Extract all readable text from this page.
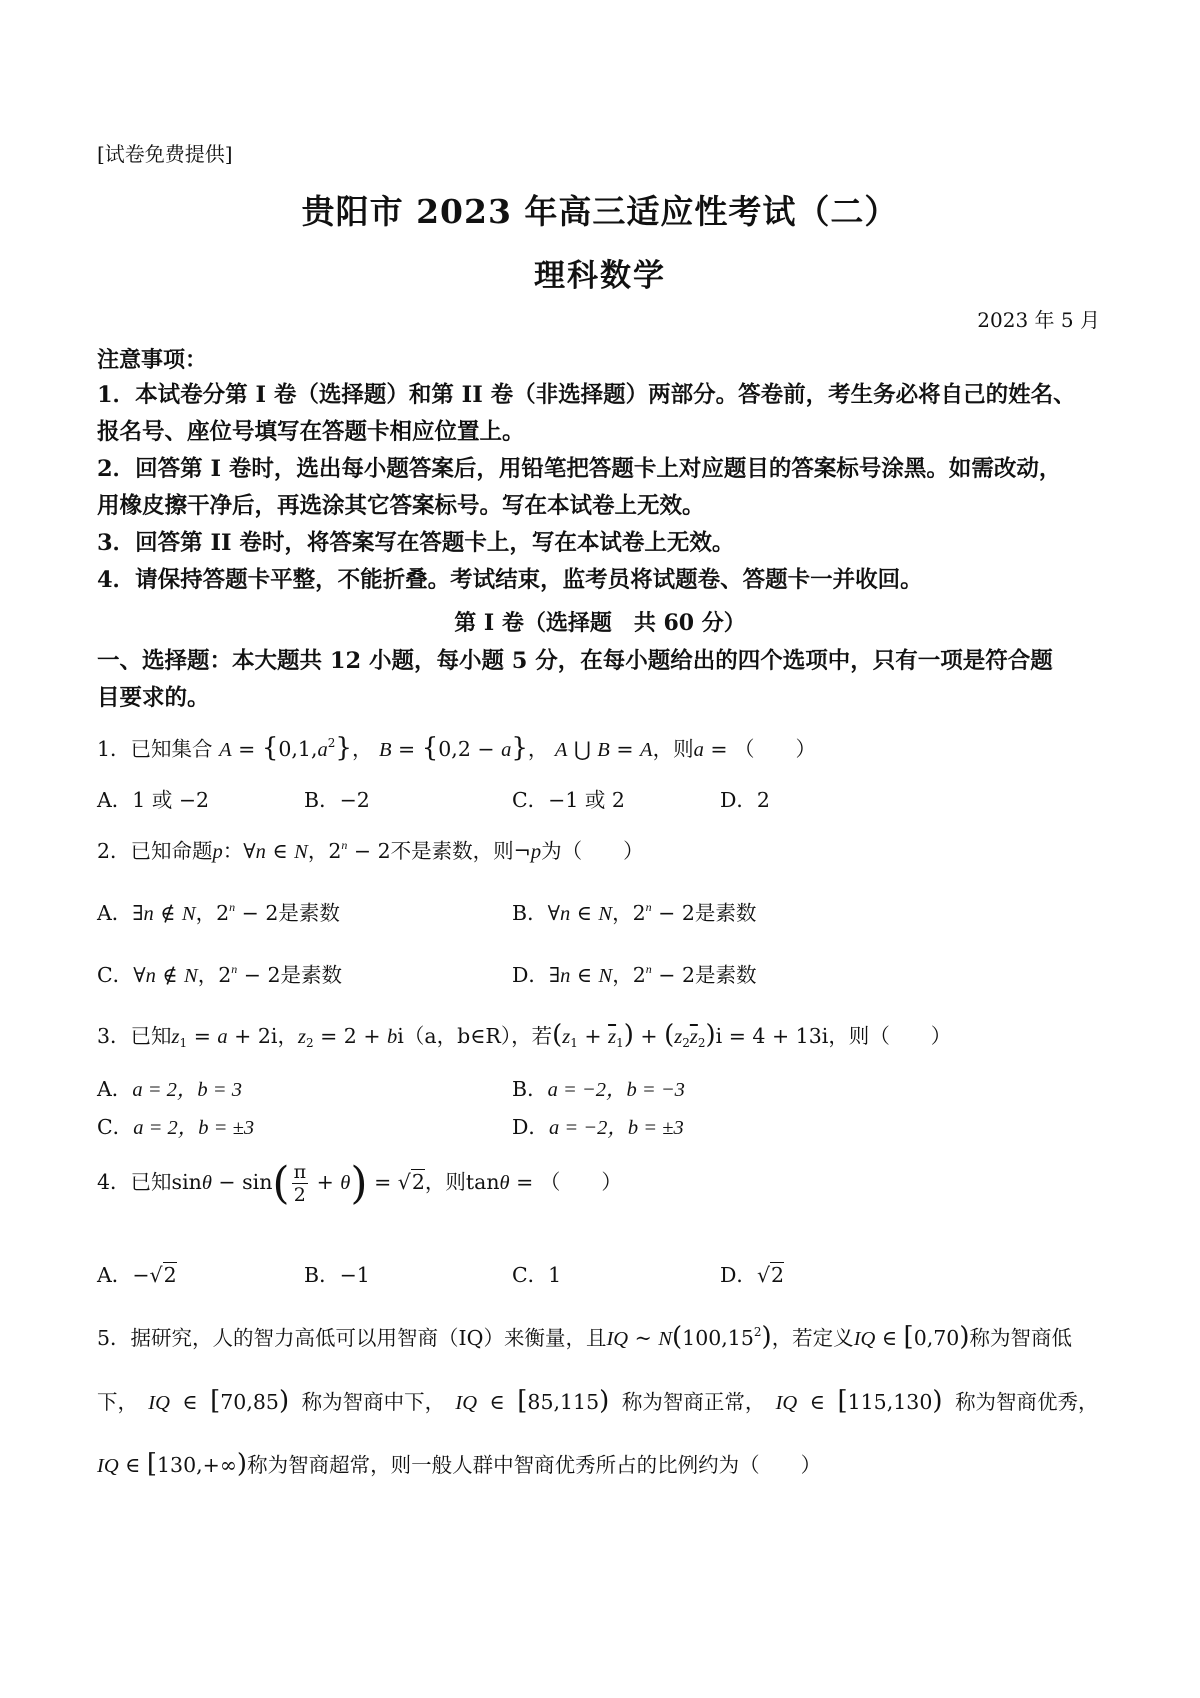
[试卷免费提供]
贵阳市 2023 年高三适应性考试（二）
理科数学
2023 年 5 月
注意事项：
1．本试卷分第 I 卷（选择题）和第 II 卷（非选择题）两部分。答卷前，考生务必将自己的姓名、
报名号、座位号填写在答题卡相应位置上。
2．回答第 I 卷时，选出每小题答案后，用铅笔把答题卡上对应题目的答案标号涂黑。如需改动，
用橡皮擦干净后，再选涂其它答案标号。写在本试卷上无效。
3．回答第 II 卷时，将答案写在答题卡上，写在本试卷上无效。
4．请保持答题卡平整，不能折叠。考试结束，监考员将试题卷、答题卡一并收回。
第 I 卷（选择题　共 60 分）
一、选择题：本大题共 12 小题，每小题 5 分，在每小题给出的四个选项中，只有一项是符合题
目要求的。
1．已知集合 $A = \{0,1,a^2\}$， B = {0,2 − a}， A ⋃ B = A，则a = （　　）
A．1 或 −2	B．−2	C．−1 或 2	D．2
2．已知命题p：∀n ∈ N，$2^n - 2$不是素数，则¬p为（　　）
A．∃n ∉ N，$2^n - 2$是素数	B．∀n ∈ N，$2^n - 2$是素数
C．∀n ∉ N，$2^n - 2$是素数	D．∃n ∈ N，$2^n - 2$是素数
3．已知$z_1 = a + 2i$，$z_2 = 2 + bi(a$，b∈R），若$(z_1 + \overline{z}_1) + (z_2\overline{z}_2)i = 4 + 13i$，则（　　）
A．a = 2，b = 3	B．a = −2，b = −3
C．a = 2，b = ±3	D．a = −2，b = ±3
4．已知$\sin\theta - \sin( \frac{\pi}{2} + \theta) = √2$，则tanθ = （　　）
A．−√2	B．−1	C．1	D．√2
5．据研究，人的智力高低可以用智商（IQ）来衡量，且IQ ~ N(100,15$^2$)，若定义IQ ∈ [0,70)称为智商低
下，　 IQ ∈ [70,85) 称为智商中下，　 IQ ∈ [85,115) 称为智商正常，　 IQ ∈ [115,130) 称为智商优秀，
IQ ∈ [130,+∞)称为智商超常，则一般人群中智商优秀所占的比例约为（　　）
